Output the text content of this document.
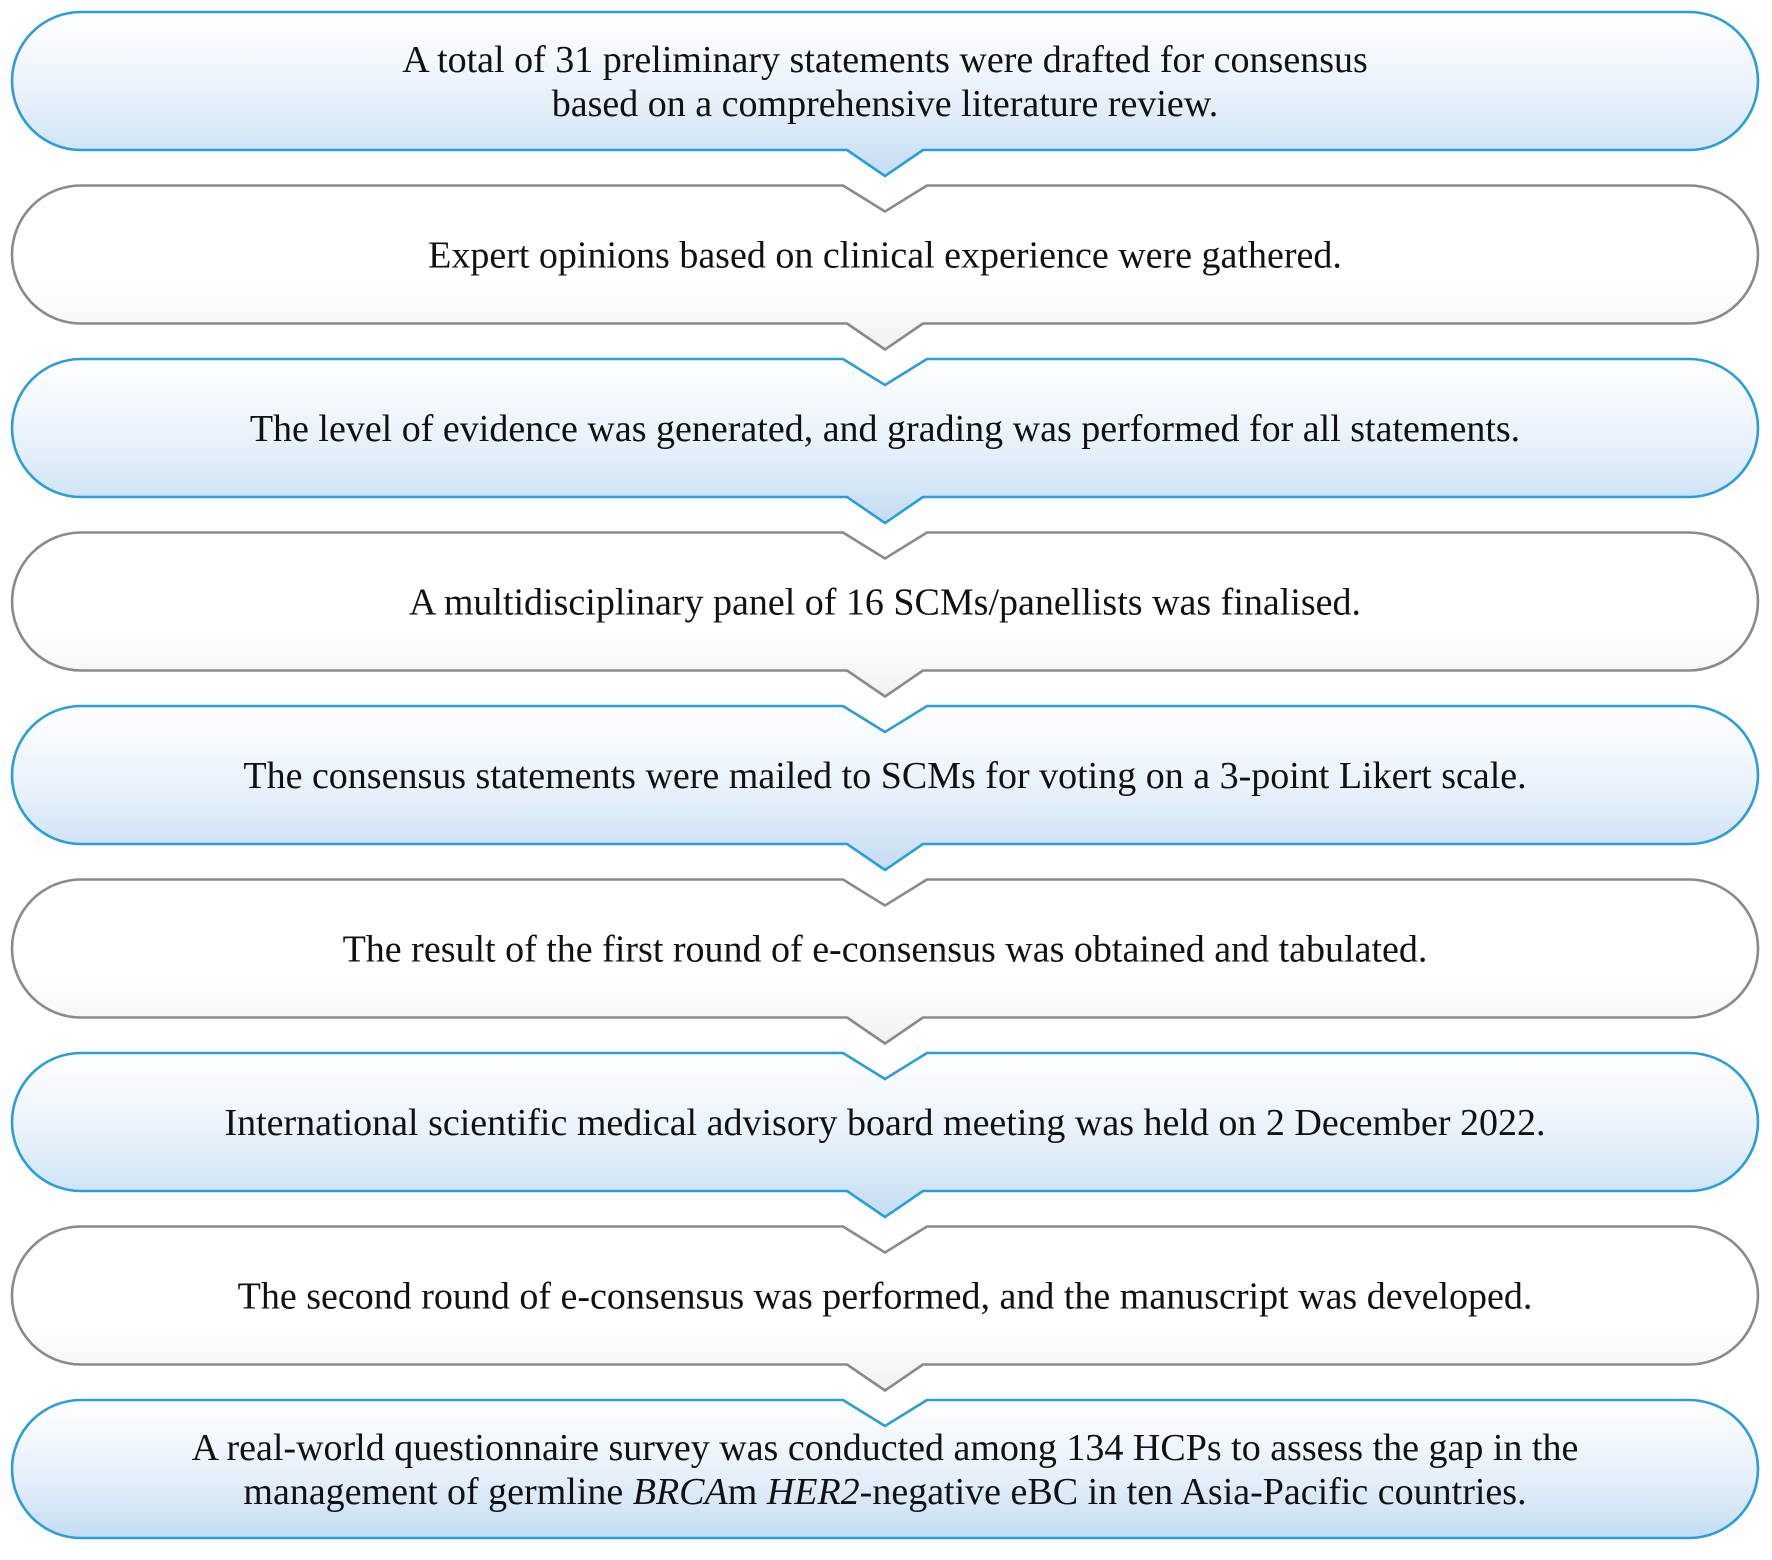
A total of 31 preliminary statements were drafted for consensus
based on a comprehensive literature review.
Expert opinions based on clinical experience were gathered.
The level of evidence was generated, and grading was performed for all statements.
A multidisciplinary panel of 16 SCMs/panellists was finalised.
The consensus statements were mailed to SCMs for voting on a 3-point Likert scale.
The result of the first round of e-consensus was obtained and tabulated.
International scientific medical advisory board meeting was held on 2 December 2022.
The second round of e-consensus was performed, and the manuscript was developed.
A real-world questionnaire survey was conducted among 134 HCPs to assess the gap in the
management of germline BRCAm HER2-negative eBC in ten Asia-Pacific countries.
